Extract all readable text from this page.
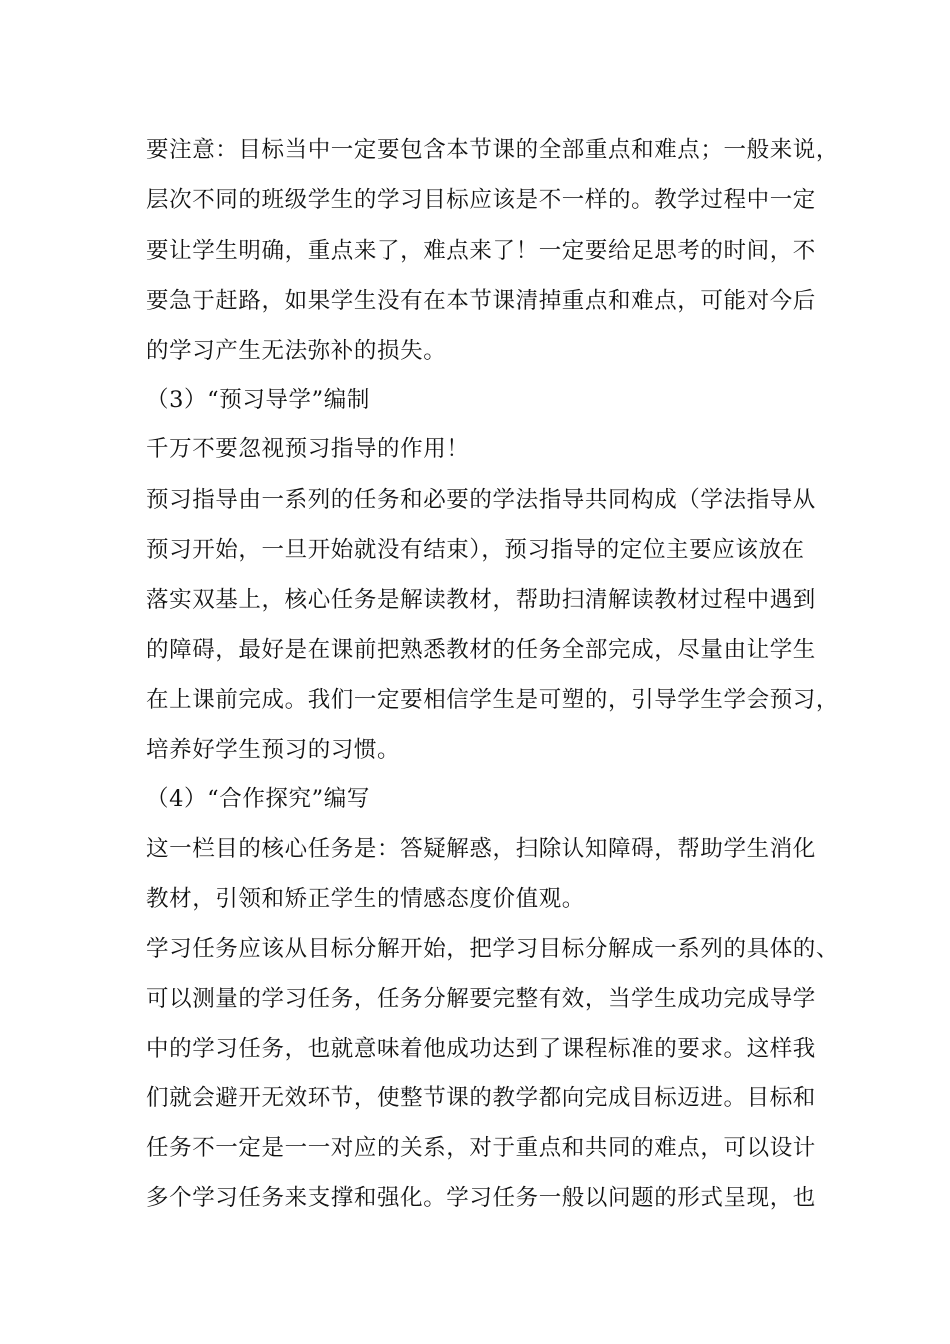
要注意：目标当中一定要包含本节课的全部重点和难点；一般来说，
层次不同的班级学生的学习目标应该是不一样的。教学过程中一定
要让学生明确，重点来了，难点来了！一定要给足思考的时间，不
要急于赶路，如果学生没有在本节课清掉重点和难点，可能对今后
的学习产生无法弥补的损失。
（3）“预习导学”编制
千万不要忽视预习指导的作用！
预习指导由一系列的任务和必要的学法指导共同构成（学法指导从
预习开始，一旦开始就没有结束），预习指导的定位主要应该放在
落实双基上，核心任务是解读教材，帮助扫清解读教材过程中遇到
的障碍，最好是在课前把熟悉教材的任务全部完成，尽量由让学生
在上课前完成。我们一定要相信学生是可塑的，引导学生学会预习，
培养好学生预习的习惯。
（4）“合作探究”编写
这一栏目的核心任务是：答疑解惑，扫除认知障碍，帮助学生消化
教材，引领和矫正学生的情感态度价值观。
学习任务应该从目标分解开始，把学习目标分解成一系列的具体的、
可以测量的学习任务，任务分解要完整有效，当学生成功完成导学
中的学习任务，也就意味着他成功达到了课程标准的要求。这样我
们就会避开无效环节，使整节课的教学都向完成目标迈进。目标和
任务不一定是一一对应的关系，对于重点和共同的难点，可以设计
多个学习任务来支撑和强化。学习任务一般以问题的形式呈现，也
